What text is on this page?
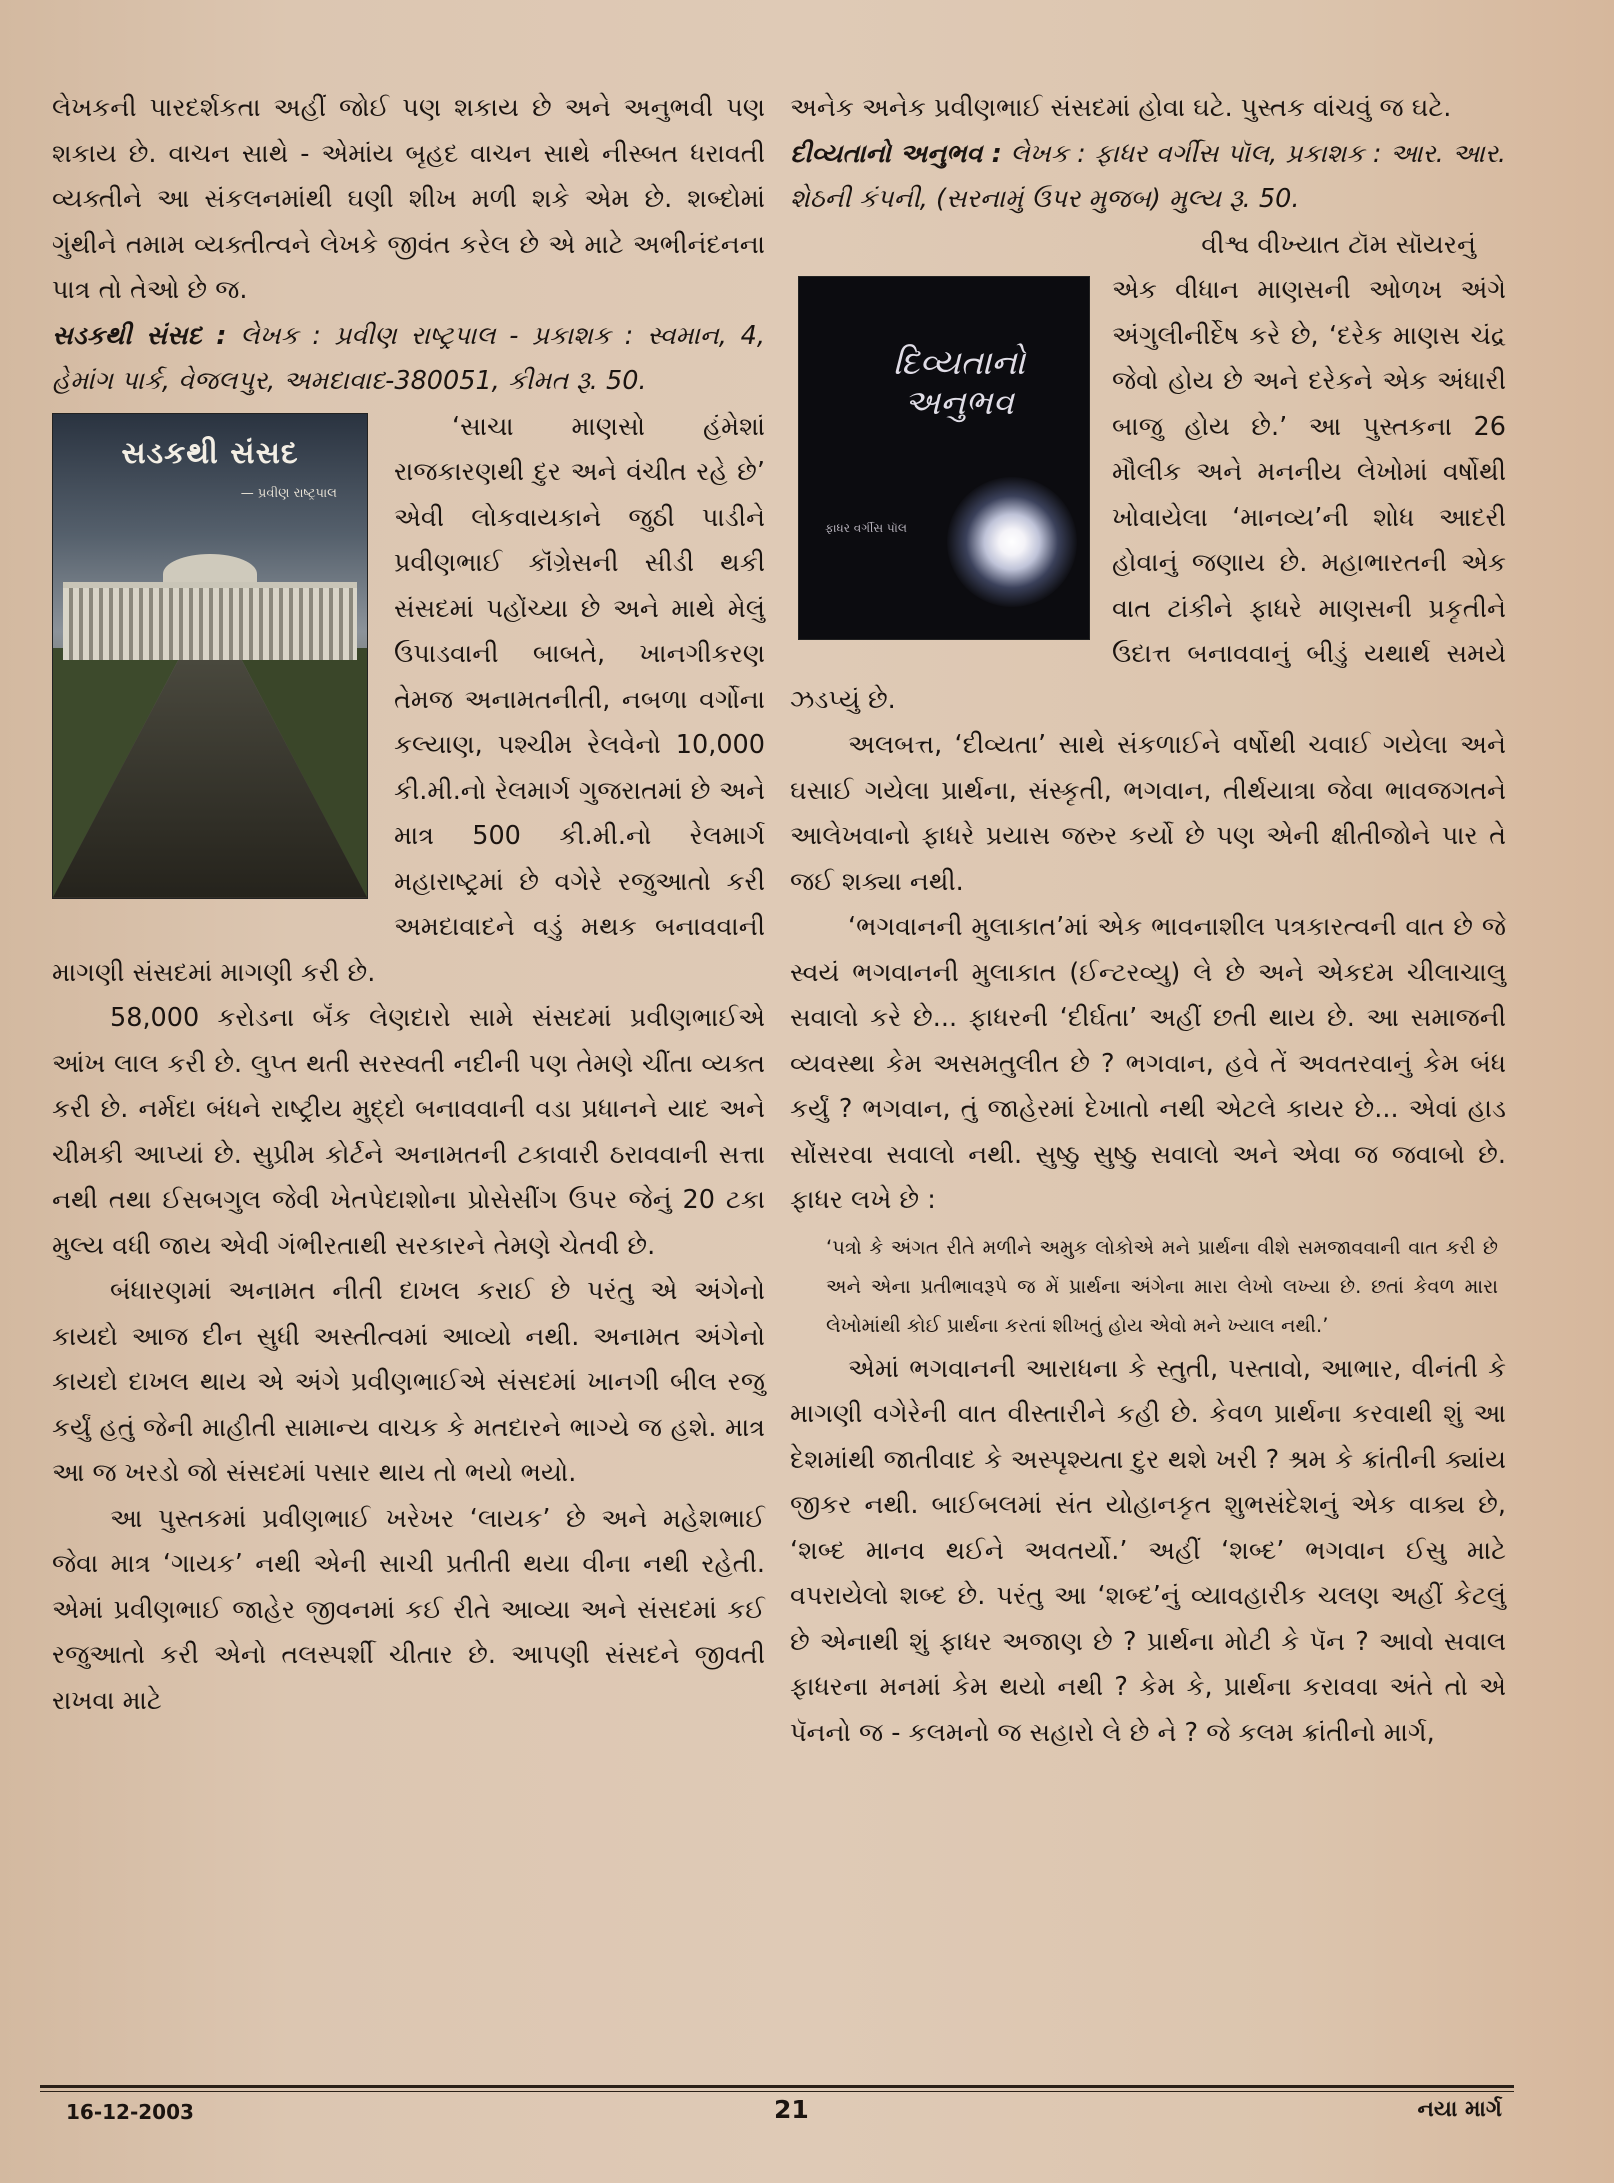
લેખકની પારદર્શકતા અહીં જોઈ પણ શકાય છે અને અનુભવી પણ શકાય છે. વાચન સાથે - એમાંય બૃહદ વાચન સાથે નીસ્બત ધરાવતી વ્યક્તીને આ સંકલનમાંથી ઘણી શીખ મળી શકે એમ છે. શબ્દોમાં ગુંથીને તમામ વ્યક્તીત્વને લેખકે જીવંત કરેલ છે એ માટે અભીનંદનના પાત્ર તો તેઓ છે જ.

સડકથી સંસદ : લેખક : પ્રવીણ રાષ્ટ્રપાલ - પ્રકાશક : સ્વમાન, 4, હેમાંગ પાર્ક, વેજલપુર, અમદાવાદ-380051, કીમત રૂ. 50.

સડકથી સંસદ
— પ્રવીણ રાષ્ટ્રપાલ

‘સાચા માણસો હંમેશાં રાજકારણથી દુર અને વંચીત રહે છે’ એવી લોકવાયકાને જુઠી પાડીને પ્રવીણભાઈ કૉંગ્રેસની સીડી થકી સંસદમાં પહોંચ્યા છે અને માથે મેલું ઉપાડવાની બાબતે, ખાનગીકરણ તેમજ અનામતનીતી, નબળા વર્ગોના કલ્યાણ, પશ્ચીમ રેલવેનો 10,000 કી.મી.નો રેલમાર્ગ ગુજરાતમાં છે અને માત્ર 500 કી.મી.નો રેલમાર્ગ મહારાષ્ટ્રમાં છે વગેરે રજુઆતો કરી અમદાવાદને વડું મથક બનાવવાની માગણી સંસદમાં માગણી કરી છે.

58,000 કરોડના બૅંક લેણદારો સામે સંસદમાં પ્રવીણભાઈએ આંખ લાલ કરી છે. લુપ્ત થતી સરસ્વતી નદીની પણ તેમણે ચીંતા વ્યક્ત કરી છે. નર્મદા બંધને રાષ્ટ્રીય મુદ્દો બનાવવાની વડા પ્રધાનને યાદ અને ચીમકી આપ્યાં છે. સુપ્રીમ કોર્ટને અનામતની ટકાવારી ઠરાવવાની સત્તા નથી તથા ઈસબગુલ જેવી ખેતપેદાશોના પ્રોસેસીંગ ઉપર જેનું 20 ટકા મુલ્ય વધી જાય એવી ગંભીરતાથી સરકારને તેમણે ચેતવી છે.

બંધારણમાં અનામત નીતી દાખલ કરાઈ છે પરંતુ એ અંગેનો કાયદો આજ દીન સુધી અસ્તીત્વમાં આવ્યો નથી. અનામત અંગેનો કાયદો દાખલ થાય એ અંગે પ્રવીણભાઈએ સંસદમાં ખાનગી બીલ રજુ કર્યું હતું જેની માહીતી સામાન્ય વાચક કે મતદારને ભાગ્યે જ હશે. માત્ર આ જ ખરડો જો સંસદમાં પસાર થાય તો ભયો ભયો.

આ પુસ્તકમાં પ્રવીણભાઈ ખરેખર ‘લાયક’ છે અને મહેશભાઈ જેવા માત્ર ‘ગાયક’ નથી એની સાચી પ્રતીતી થયા વીના નથી રહેતી. એમાં પ્રવીણભાઈ જાહેર જીવનમાં કઈ રીતે આવ્યા અને સંસદમાં કઈ રજુઆતો કરી એનો તલસ્પર્શી ચીતાર છે. આપણી સંસદને જીવતી રાખવા માટે

અનેક અનેક પ્રવીણભાઈ સંસદમાં હોવા ઘટે. પુસ્તક વાંચવું જ ઘટે.

દીવ્યતાનો અનુભવ : લેખક : ફાધર વર્ગીસ પૉલ, પ્રકાશક : આર. આર. શેઠની કંપની, (સરનામું ઉપર મુજબ) મુલ્ય રૂ. 50.

વીશ્વ વીખ્યાત ટૉમ સૉયરનું

દિવ્યતાનો અનુભવ
ફાધર વર્ગીસ પૉલ

એક વીધાન માણસની ઓળખ અંગે અંગુલીનીર્દેષ કરે છે, ‘દરેક માણસ ચંદ્ર જેવો હોય છે અને દરેકને એક અંધારી બાજુ હોય છે.’ આ પુસ્તકના 26 મૌલીક અને મનનીય લેખોમાં વર્ષોથી ખોવાયેલા ‘માનવ્ય’ની શોધ આદરી હોવાનું જણાય છે. મહાભારતની એક વાત ટાંકીને ફાધરે માણસની પ્રકૃતીને ઉદાત્ત બનાવવાનું બીડું યથાર્થ સમયે ઝડપ્યું છે.

અલબત્ત, ‘દીવ્યતા’ સાથે સંકળાઈને વર્ષોથી ચવાઈ ગયેલા અને ઘસાઈ ગયેલા પ્રાર્થના, સંસ્કૃતી, ભગવાન, તીર્થયાત્રા જેવા ભાવજગતને આલેખવાનો ફાધરે પ્રયાસ જરુર કર્યો છે પણ એની ક્ષીતીજોને પાર તે જઈ શક્યા નથી.

‘ભગવાનની મુલાકાત’માં એક ભાવનાશીલ પત્રકારત્વની વાત છે જે સ્વયં ભગવાનની મુલાકાત (ઈન્ટરવ્યુ) લે છે અને એકદમ ચીલાચાલુ સવાલો કરે છે... ફાધરની ‘દીર્ઘતા’ અહીં છતી થાય છે. આ સમાજની વ્યવસ્થા કેમ અસમતુલીત છે ? ભગવાન, હવે તેં અવતરવાનું કેમ બંધ કર્યું ? ભગવાન, તું જાહેરમાં દેખાતો નથી એટલે કાયર છે... એવાં હાડ સોંસરવા સવાલો નથી. સુષ્ઠુ સુષ્ઠુ સવાલો અને એવા જ જવાબો છે. ફાધર લખે છે :

‘પત્રો કે અંગત રીતે મળીને અમુક લોકોએ મને પ્રાર્થના વીશે સમજાવવાની વાત કરી છે અને એના પ્રતીભાવરૂપે જ મેં પ્રાર્થના અંગેના મારા લેખો લખ્યા છે. છતાં કેવળ મારા લેખોમાંથી કોઈ પ્રાર્થના કરતાં શીખતું હોય એવો મને ખ્યાલ નથી.’

એમાં ભગવાનની આરાધના કે સ્તુતી, પસ્તાવો, આભાર, વીનંતી કે માગણી વગેરેની વાત વીસ્તારીને કહી છે. કેવળ પ્રાર્થના કરવાથી શું આ દેશમાંથી જાતીવાદ કે અસ્પૃશ્યતા દુર થશે ખરી ? શ્રમ કે ક્રાંતીની ક્યાંય જીકર નથી. બાઈબલમાં સંત યોહાનકૃત શુભસંદેશનું એક વાક્ય છે, ‘શબ્દ માનવ થઈને અવતર્યો.’ અહીં ‘શબ્દ’ ભગવાન ઈસુ માટે વપરાયેલો શબ્દ છે. પરંતુ આ ‘શબ્દ’નું વ્યાવહારીક ચલણ અહીં કેટલું છે એનાથી શું ફાધર અજાણ છે ? પ્રાર્થના મોટી કે પૅન ? આવો સવાલ ફાધરના મનમાં કેમ થયો નથી ? કેમ કે, પ્રાર્થના કરાવવા અંતે તો એ પૅનનો જ - કલમનો જ સહારો લે છે ને ? જે કલમ ક્રાંતીનો માર્ગ,

16-12-2003	21	નયા માર્ગ
